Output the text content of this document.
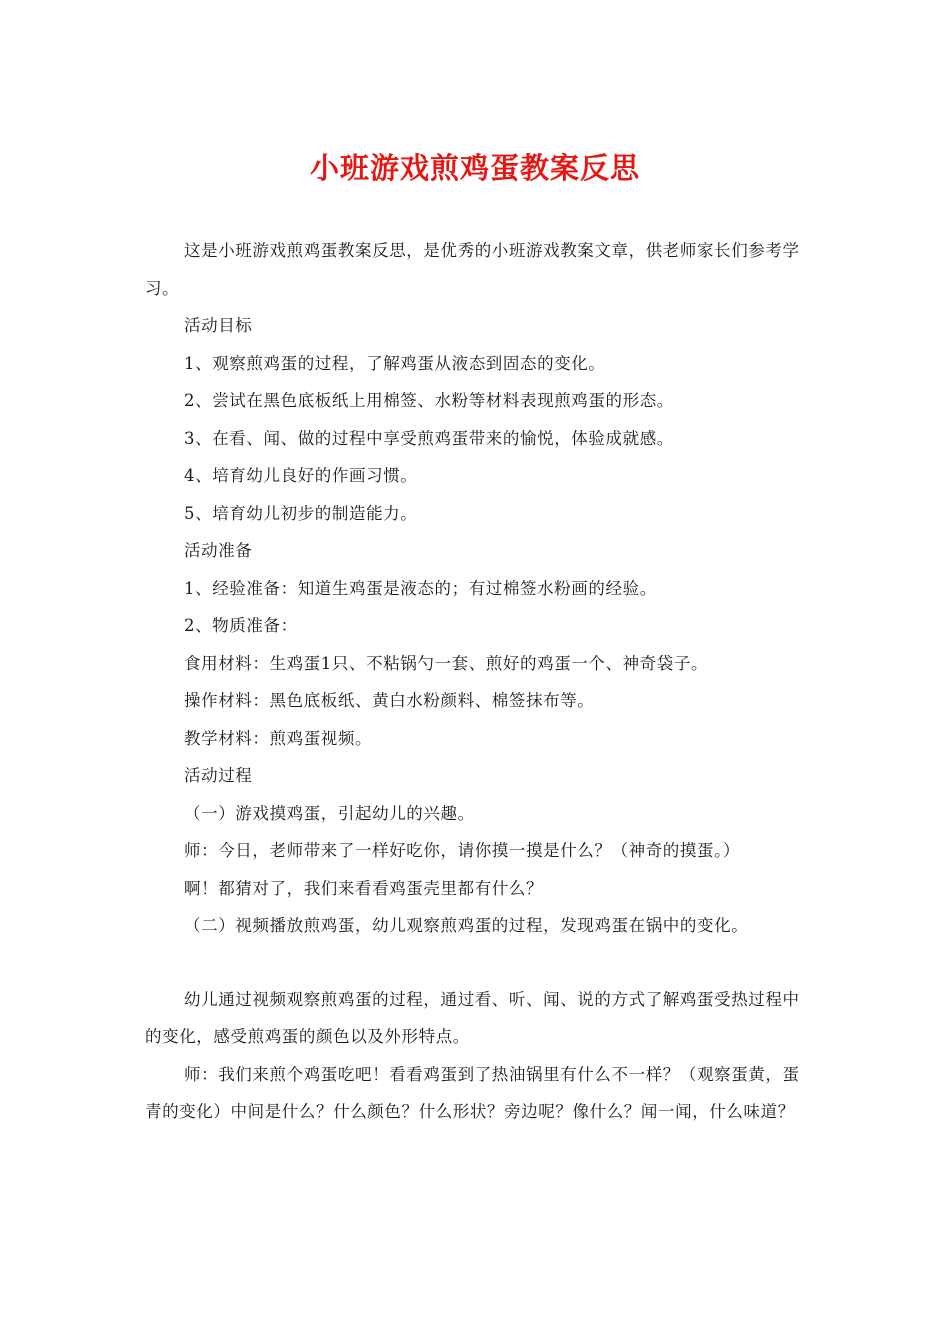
小班游戏煎鸡蛋教案反思

这是小班游戏煎鸡蛋教案反思，是优秀的小班游戏教案文章，供老师家长们参考学习。

活动目标

1、观察煎鸡蛋的过程，了解鸡蛋从液态到固态的变化。

2、尝试在黑色底板纸上用棉签、水粉等材料表现煎鸡蛋的形态。

3、在看、闻、做的过程中享受煎鸡蛋带来的愉悦，体验成就感。

4、培育幼儿良好的作画习惯。

5、培育幼儿初步的制造能力。

活动准备

1、经验准备：知道生鸡蛋是液态的；有过棉签水粉画的经验。

2、物质准备：

食用材料：生鸡蛋1只、不粘锅勺一套、煎好的鸡蛋一个、神奇袋子。

操作材料：黑色底板纸、黄白水粉颜料、棉签抹布等。

教学材料：煎鸡蛋视频。

活动过程

（一）游戏摸鸡蛋，引起幼儿的兴趣。

师：今日，老师带来了一样好吃你，请你摸一摸是什么？（神奇的摸蛋。）

啊！都猜对了，我们来看看鸡蛋壳里都有什么？

（二）视频播放煎鸡蛋，幼儿观察煎鸡蛋的过程，发现鸡蛋在锅中的变化。

幼儿通过视频观察煎鸡蛋的过程，通过看、听、闻、说的方式了解鸡蛋受热过程中的变化，感受煎鸡蛋的颜色以及外形特点。

师：我们来煎个鸡蛋吃吧！看看鸡蛋到了热油锅里有什么不一样？（观察蛋黄，蛋青的变化）中间是什么？什么颜色？什么形状？旁边呢？像什么？闻一闻，什么味道？
